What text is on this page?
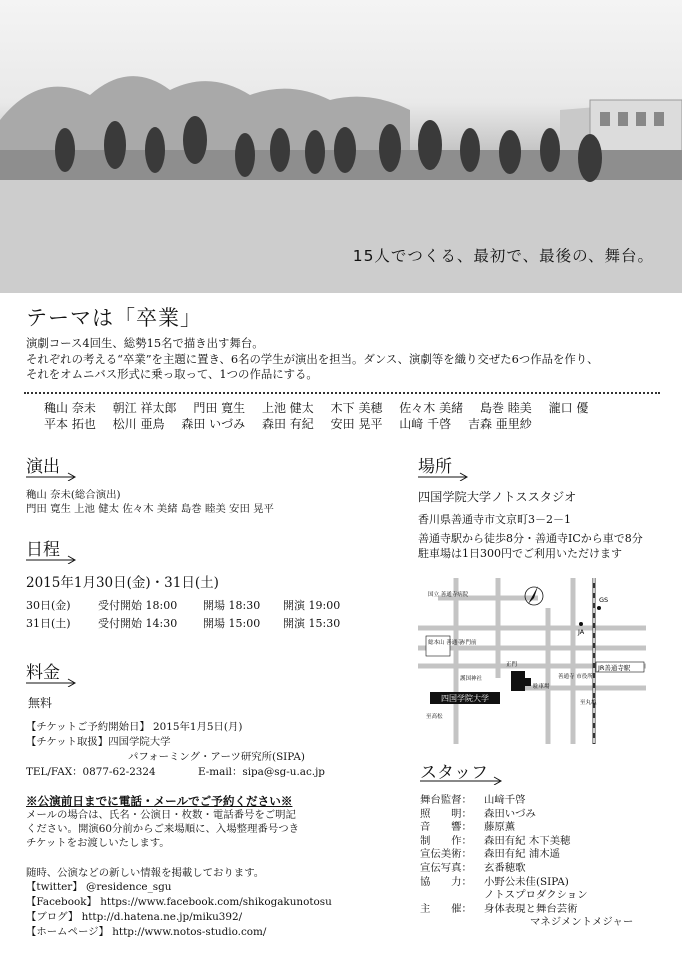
15人でつくる、最初で、最後の、舞台。
テーマは「卒業」
演劇コース4回生、総勢15名で描き出す舞台。
それぞれの考える“卒業”を主題に置き、6名の学生が演出を担当。ダンス、演劇等を織り交ぜた6つ作品を作り、
それをオムニバス形式に乗っ取って、1つの作品にする。
穐山 奈未 朝江 祥太郎 門田 寛生 上池 健太 木下 美穂 佐々木 美緒 島巻 睦美 瀧口 優
平本 拓也 松川 亜鳥 森田 いづみ 森田 有紀 安田 晃平 山﨑 千啓 吉森 亜里紗
演出
穐山 奈未(総合演出)
門田 寛生 上池 健太 佐々木 美緒 島巻 睦美 安田 晃平
日程
2015年1月30日(金)・31日(土)
30日(金) 受付開始 18:00 開場 18:30 開演 19:00
31日(土) 受付開始 14:30 開場 15:00 開演 15:30
料金
無料
【チケットご予約開始日】 2015年1月5日(月)
【チケット取扱】四国学院大学
パフォーミング・アーツ研究所(SIPA)
TEL/FAX：0877-62-2324	E-mail：sipa@sg-u.ac.jp
※公演前日までに電話・メールでご予約ください※
メールの場合は、氏名・公演日・枚数・電話番号をご明記
ください。開演60分前からご来場順に、入場整理番号つき
チケットをお渡しいたします。
随時、公演などの新しい情報を掲載しております。
【twitter】 @residence_sgu
【Facebook】 https://www.facebook.com/shikogakunotosu
【ブログ】 http://d.hatena.ne.jp/miku392/
【ホームページ】 http://www.notos-studio.com/
場所
四国学院大学ノトススタジオ
香川県善通寺市文京町3－2－1
善通寺駅から徒歩8分・善通寺ICから車で8分
駐車場は1日300円でご利用いただけます
四国学院大学
GS
JA
JR善通寺駅
国立 善通寺病院
総本山 善通寺
赤門前
護国神社
正門
駐車場
善通寺 市役所
至丸亀
至高松
スタッフ
舞台監督：	山﨑千啓
照　　明：	森田いづみ
音　　響：	藤原薫
制　　作：	森田有紀 木下美穂
宣伝美術：	森田有紀 浦木遥
宣伝写真：	玄番穂歌
協　　力：	小野公未佳(SIPA)
ノトスプロダクション
主　　催：	身体表現と舞台芸術
マネジメントメジャー
